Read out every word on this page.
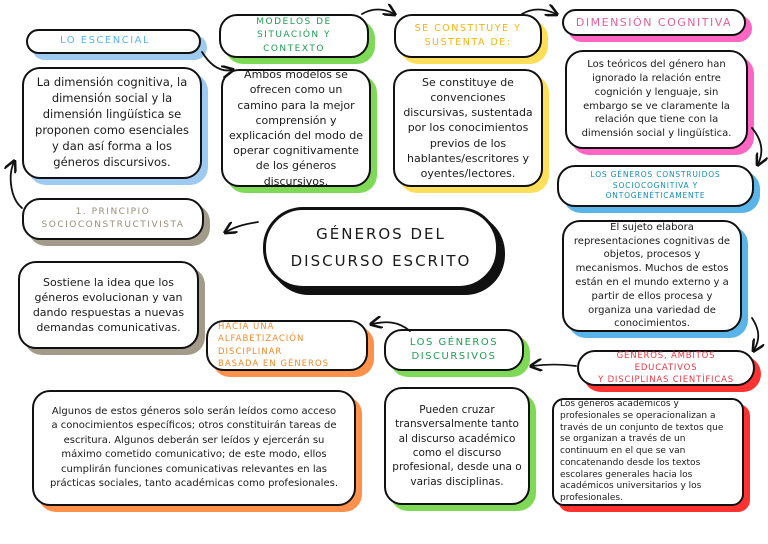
GÉNEROS DEL
DISCURSO ESCRITO
LO ESCENCIAL
La dimensión cognitiva, la dimensión social y la dimensión lingüística se proponen como esenciales y dan así forma a los géneros discursivos.
MODELOS DE
SITUACIÓN Y CONTEXTO
Ambos modelos se ofrecen como un camino para la mejor comprensión y explicación del modo de operar cognitivamente de los géneros discursivos.
SE CONSTITUYE Y
SUSTENTA DE:
Se constituye de convenciones discursivas, sustentada por los conocimientos previos de los hablantes/escritores y oyentes/lectores.
DIMENSIÓN COGNITIVA
Los teóricos del género han ignorado la relación entre cognición y lenguaje, sin embargo se ve claramente la relación que tiene con la dimensión social y lingüística.
LOS GÉNEROS CONSTRUIDOS
SOCIOCOGNITIVA Y ONTOGENÉTICAMENTE
El sujeto elabora representaciones cognitivas de objetos, procesos y mecanismos. Muchos de estos están en el mundo externo y a partir de ellos procesa y organiza una variedad de conocimientos.
1. PRINCIPIO
SOCIOCONSTRUCTIVISTA
Sostiene la idea que los géneros evolucionan y van dando respuestas a nuevas demandas comunicativas.
GÉNEROS, ÁMBITOS EDUCATIVOS
Y DISCIPLINAS CIENTÍFICAS
Los géneros académicos y profesionales se operacionalizan a través de un conjunto de textos que se organizan a través de un continuum en el que se van concatenando desde los textos escolares generales hacia los académicos universitarios y los profesionales.
LOS GÉNEROS
DISCURSIVOS
Pueden cruzar transversalmente tanto al discurso académico como el discurso profesional, desde una o varias disciplinas.
HACIA UNA ALFABETIZACIÓN
DISCIPLINAR
BASADA EN GÉNEROS
Algunos de estos géneros solo serán leídos como acceso a conocimientos específicos; otros constituirán tareas de escritura. Algunos deberán ser leídos y ejercerán su máximo cometido comunicativo; de este modo, ellos cumplirán funciones comunicativas relevantes en las prácticas sociales, tanto académicas como profesionales.
